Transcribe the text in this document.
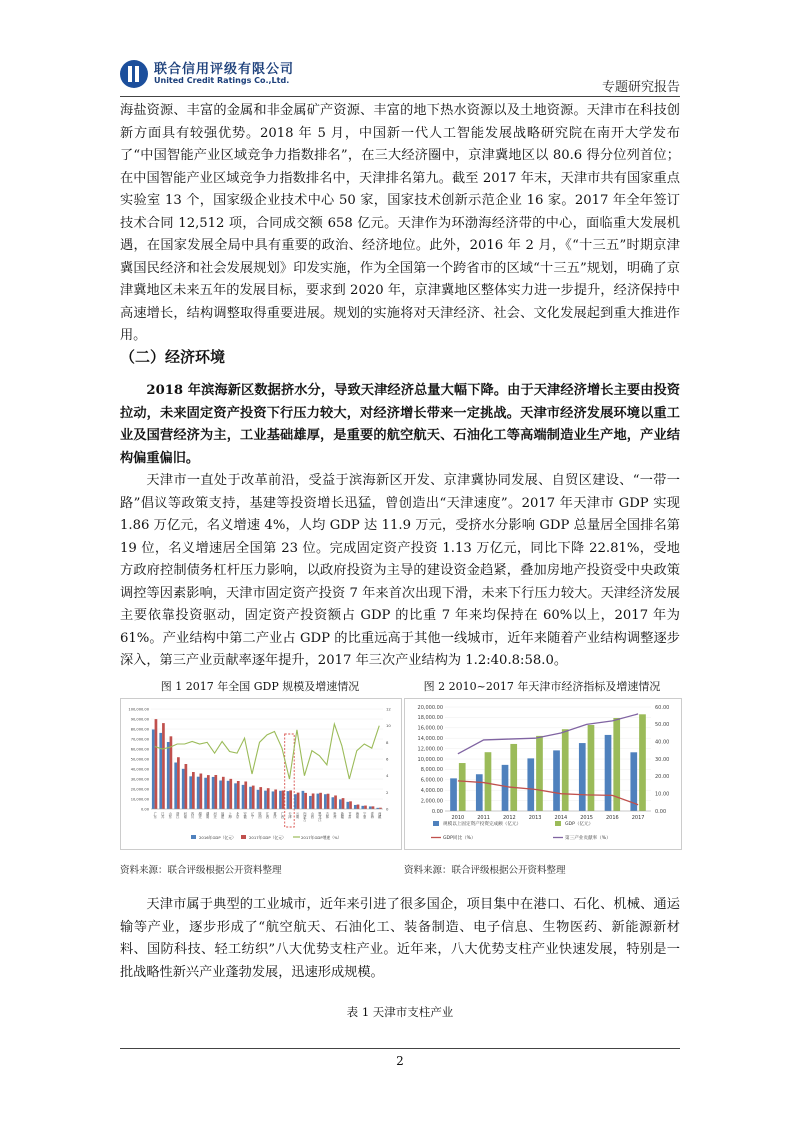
联合信用评级有限公司
United Credit Ratings Co.,Ltd.	专题研究报告

海盐资源、丰富的金属和非金属矿产资源、丰富的地下热水资源以及土地资源。天津市在科技创新方面具有较强优势。2018 年 5 月，中国新一代人工智能发展战略研究院在南开大学发布了“中国智能产业区域竞争力指数排名”，在三大经济圈中，京津冀地区以 80.6 得分位列首位；在中国智能产业区域竞争力指数排名中，天津排名第九。截至 2017 年末，天津市共有国家重点实验室 13 个，国家级企业技术中心 50 家，国家技术创新示范企业 16 家。2017 年全年签订技术合同 12,512 项，合同成交额 658 亿元。天津作为环渤海经济带的中心，面临重大发展机遇，在国家发展全局中具有重要的政治、经济地位。此外，2016 年 2 月，《“十三五”时期京津冀国民经济和社会发展规划》印发实施，作为全国第一个跨省市的区域“十三五”规划，明确了京津冀地区未来五年的发展目标，要求到 2020 年，京津冀地区整体实力进一步提升，经济保持中高速增长，结构调整取得重要进展。规划的实施将对天津经济、社会、文化发展起到重大推进作用。

（二）经济环境

2018 年滨海新区数据挤水分，导致天津经济总量大幅下降。由于天津经济增长主要由投资拉动，未来固定资产投资下行压力较大，对经济增长带来一定挑战。天津市经济发展环境以重工业及国营经济为主，工业基础雄厚，是重要的航空航天、石油化工等高端制造业生产地，产业结构偏重偏旧。

天津市一直处于改革前沿，受益于滨海新区开发、京津冀协同发展、自贸区建设、“一带一路”倡议等政策支持，基建等投资增长迅猛，曾创造出“天津速度”。2017 年天津市 GDP 实现 1.86 万亿元，名义增速 4%，人均 GDP 达 11.9 万元，受挤水分影响 GDP 总量居全国排名第 19 位，名义增速居全国第 23 位。完成固定资产投资 1.13 万亿元，同比下降 22.81%，受地方政府控制债务杠杆压力影响，以政府投资为主导的建设资金趋紧，叠加房地产投资受中央政策调控等因素影响，天津市固定资产投资 7 年来首次出现下滑，未来下行压力较大。天津经济发展主要依靠投资驱动，固定资产投资额占 GDP 的比重 7 年来均保持在 60%以上，2017 年为 61%。产业结构中第二产业占 GDP 的比重远高于其他一线城市，近年来随着产业结构调整逐步深入，第三产业贡献率逐年提升，2017 年三次产业结构为 1.2:40.8:58.0。

图 1 2017 年全国 GDP 规模及增速情况	图 2 2010~2017 年天津市经济指标及增速情况
100,000.00
90,000.00
80,000.00
70,000.00
60,000.00
50,000.00
40,000.00
30,000.00
20,000.00
10,000.00
0.00
12
10
8
6
4
2
0
广东 江苏 山东 浙江 河南 四川 湖北 湖南 河北 福建 上海 北京 安徽 辽宁 陕西 江西 重庆 广西 天津 云南 内蒙古 山西 黑龙江 吉林 贵州 新疆 甘肃 海南 宁夏 青海 西藏
2016年GDP（亿元）	2017年GDP（亿元）	2017年GDP增速（%）
20,000.00
18,000.00
16,000.00
14,000.00
12,000.00
10,000.00
8,000.00
6,000.00
4,000.00
2,000.00
0.00
60.00
50.00
40.00
30.00
20.00
10.00
0.00
2010	2011	2012	2013	2014	2015	2016	2017
规模以上固定资产投资完成额（亿元）	GDP（亿元）
GDP同比（%）	第三产业贡献率（%）
资料来源：联合评级根据公开资料整理	资料来源：联合评级根据公开资料整理

天津市属于典型的工业城市，近年来引进了很多国企，项目集中在港口、石化、机械、通运输等产业，逐步形成了“航空航天、石油化工、装备制造、电子信息、生物医药、新能源新材料、国防科技、轻工纺织”八大优势支柱产业。近年来，八大优势支柱产业快速发展，特别是一批战略性新兴产业蓬勃发展，迅速形成规模。

表 1 天津市支柱产业
2
